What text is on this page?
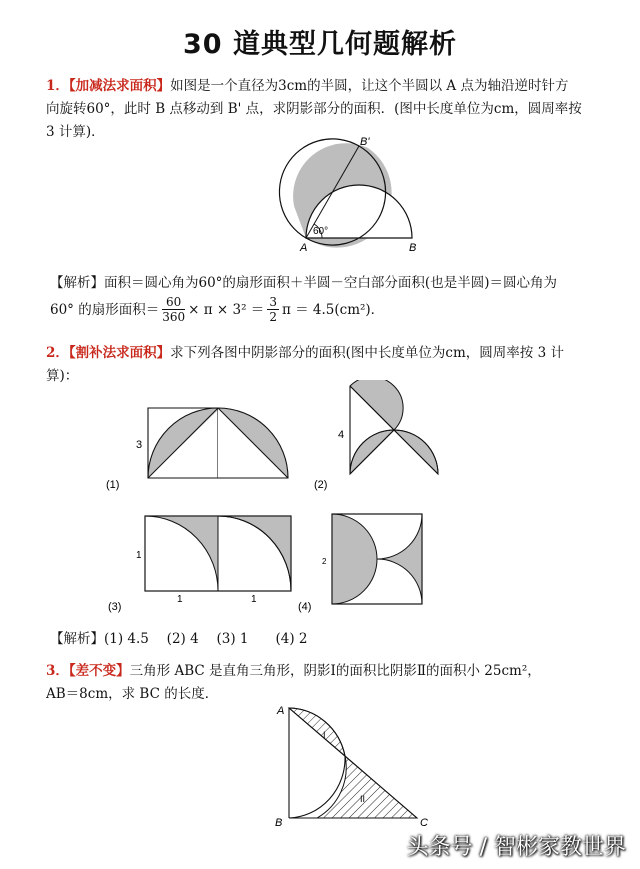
30 道典型几何题解析
1．【加减法求面积】如图是一个直径为3cm的半圆，让这个半圆以 A 点为轴沿逆时针方
向旋转60°，此时 B 点移动到 B' 点，求阴影部分的面积．(图中长度单位为cm，圆周率按
3 计算)．
60°
A	B
B'
【解析】面积＝圆心角为60°的扇形面积＋半圆－空白部分面积(也是半圆)＝圆心角为
60° 的扇形面积＝ $\frac{60}{360} \times \pi \times 3^2 = \frac{3}{2}$ π ＝ 4.5(cm²)．
2．【割补法求面积】求下列各图中阴影部分的面积(图中长度单位为cm，圆周率按 3 计
算)：
3
(1)
4
(2)
1
1	1
(3)
2
(4)
【解析】(1) 4.5　 (2) 4　 (3) 1　　(4) 2
3．【差不变】三角形 ABC 是直角三角形，阴影Ⅰ的面积比阴影Ⅱ的面积小 25cm²，
AB＝8cm，求 BC 的长度．
A
B	C
I
II
头条号 / 智彬家教世界
